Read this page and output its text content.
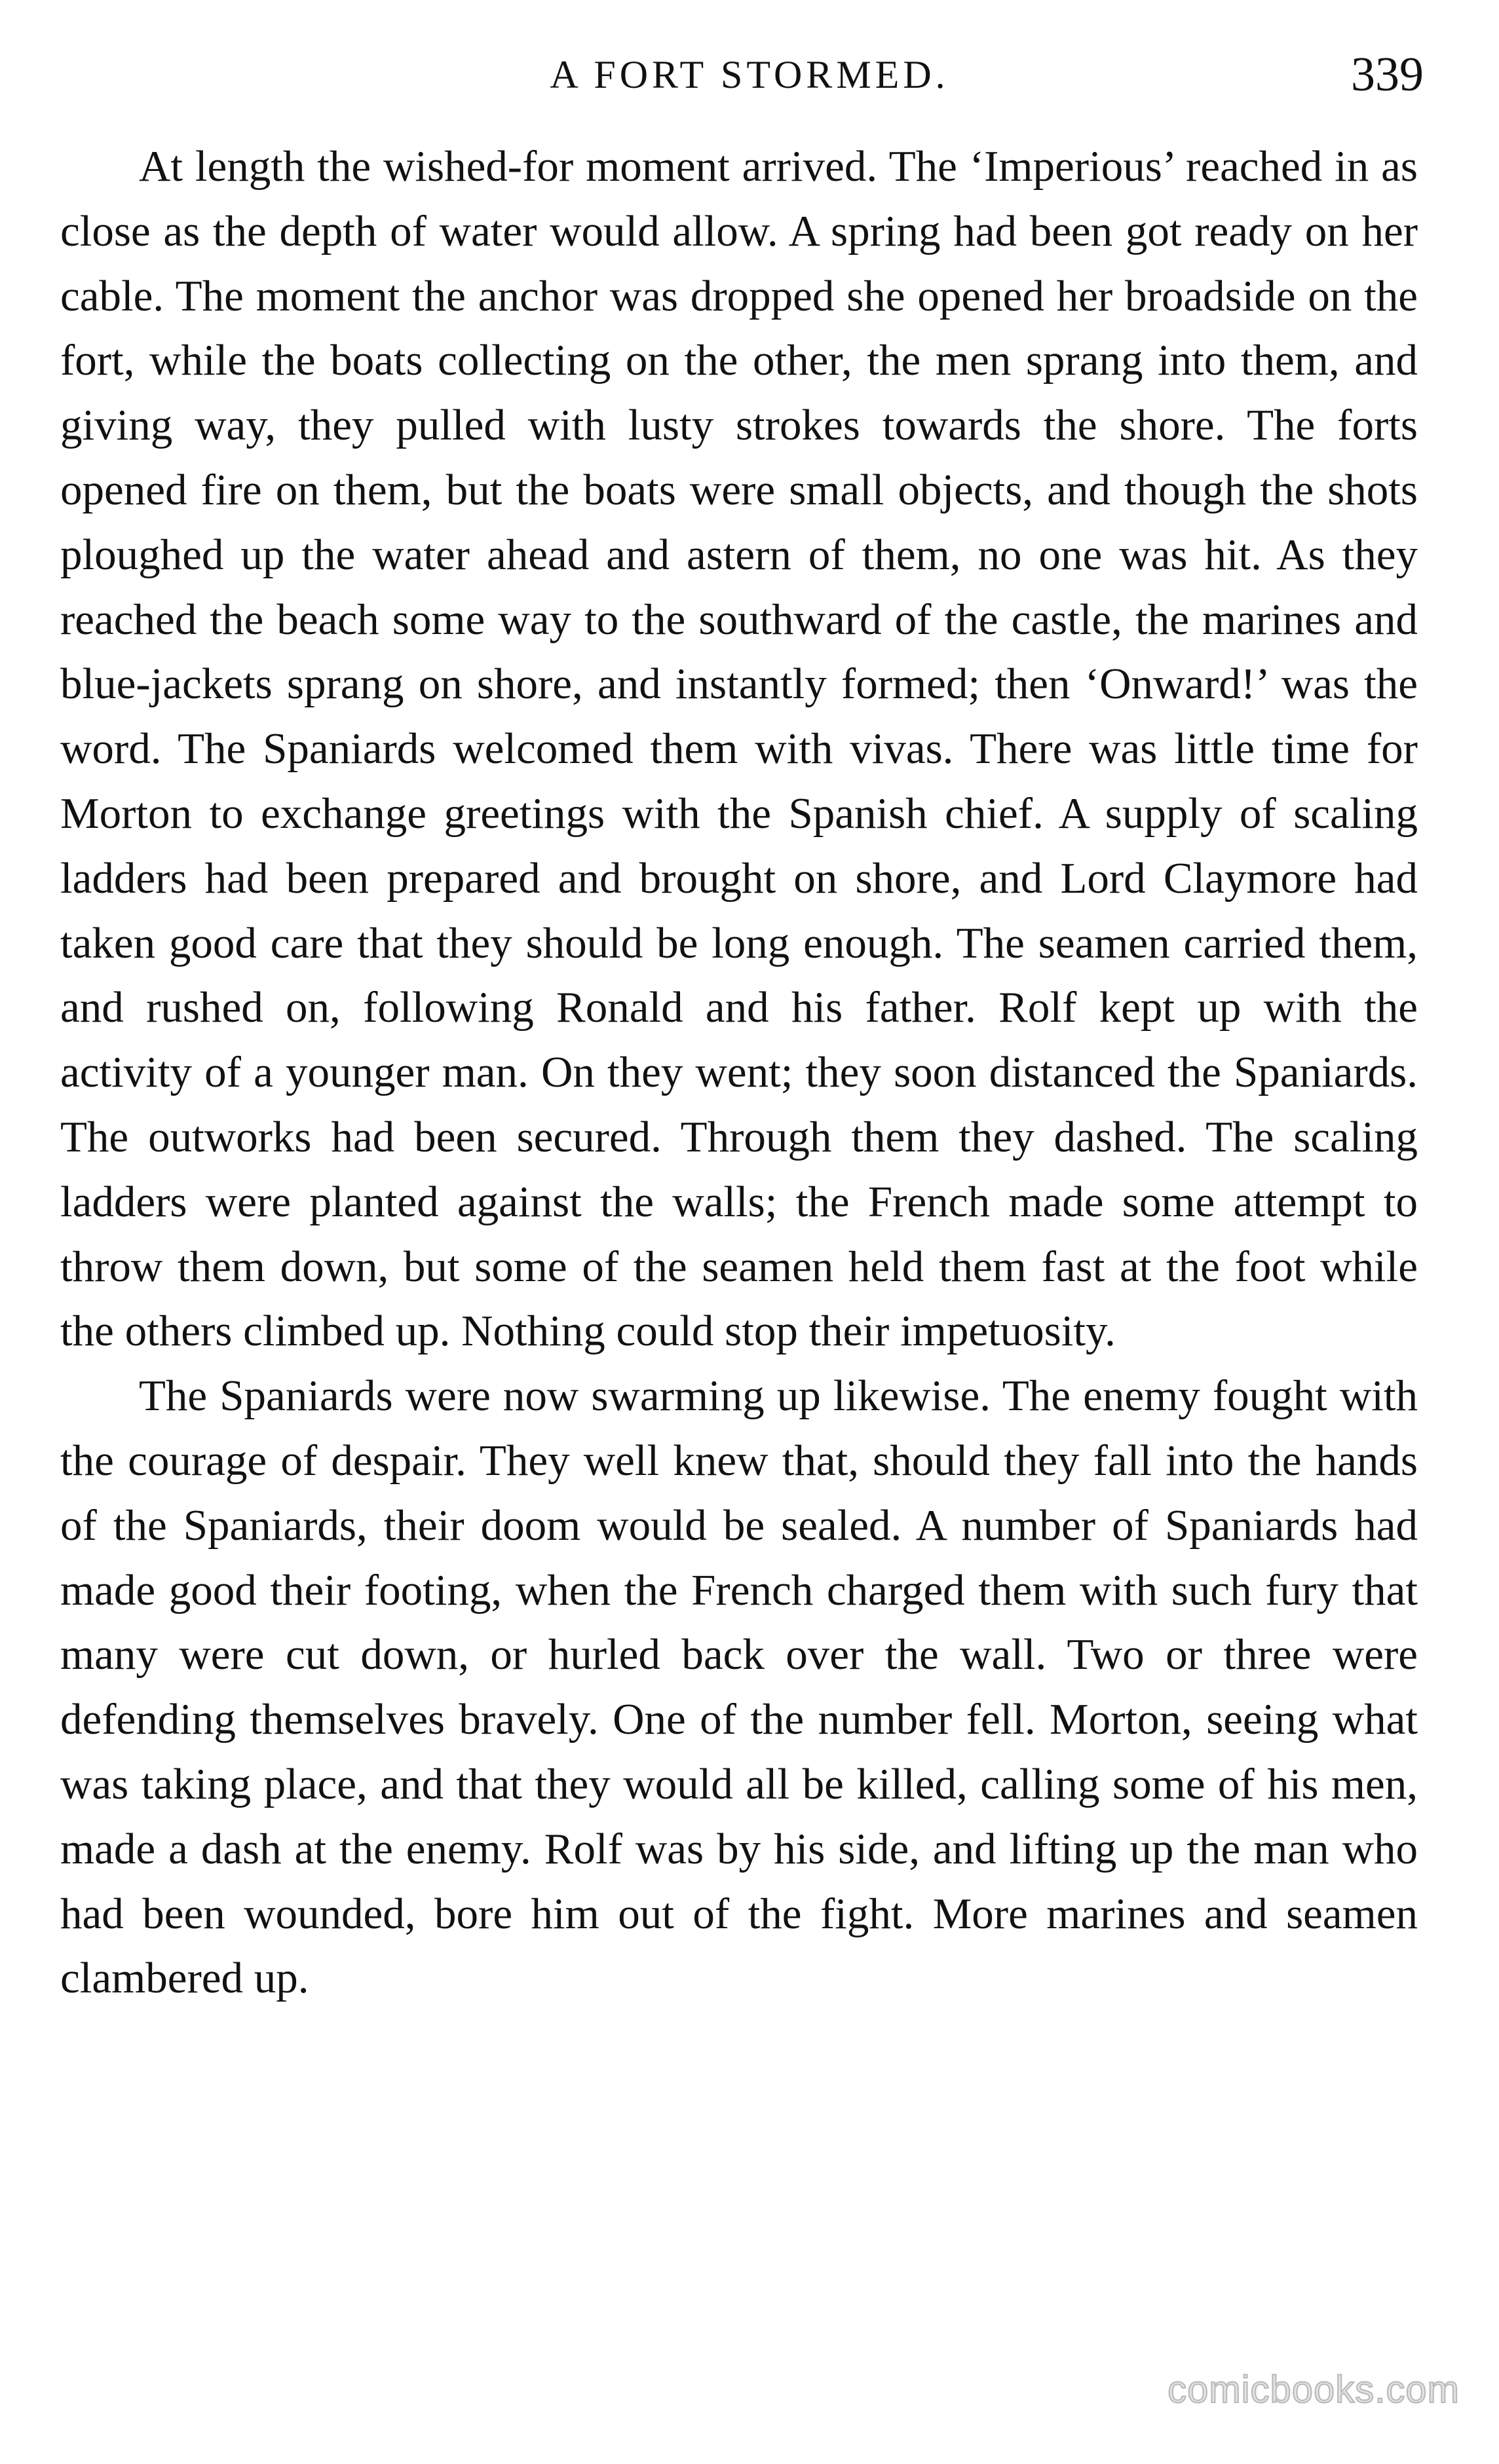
A FORT STORMED.	339

At length the wished-for moment arrived. The ‘Imperious’ reached in as close as the depth of water would allow. A spring had been got ready on her cable. The moment the anchor was dropped she opened her broadside on the fort, while the boats collecting on the other, the men sprang into them, and giving way, they pulled with lusty strokes towards the shore. The forts opened fire on them, but the boats were small objects, and though the shots ploughed up the water ahead and astern of them, no one was hit. As they reached the beach some way to the southward of the castle, the marines and blue-jackets sprang on shore, and instantly formed; then ‘Onward!’ was the word. The Spaniards welcomed them with vivas. There was little time for Morton to exchange greetings with the Spanish chief. A supply of scaling ladders had been prepared and brought on shore, and Lord Claymore had taken good care that they should be long enough. The seamen carried them, and rushed on, following Ronald and his father. Rolf kept up with the activity of a younger man. On they went; they soon distanced the Spaniards. The outworks had been secured. Through them they dashed. The scaling ladders were planted against the walls; the French made some attempt to throw them down, but some of the seamen held them fast at the foot while the others climbed up. Nothing could stop their impetuosity.

The Spaniards were now swarming up likewise. The enemy fought with the courage of despair. They well knew that, should they fall into the hands of the Spaniards, their doom would be sealed. A number of Spaniards had made good their footing, when the French charged them with such fury that many were cut down, or hurled back over the wall. Two or three were defending themselves bravely. One of the number fell. Morton, seeing what was taking place, and that they would all be killed, calling some of his men, made a dash at the enemy. Rolf was by his side, and lifting up the man who had been wounded, bore him out of the fight. More marines and seamen clambered up.

comicbooks.com
